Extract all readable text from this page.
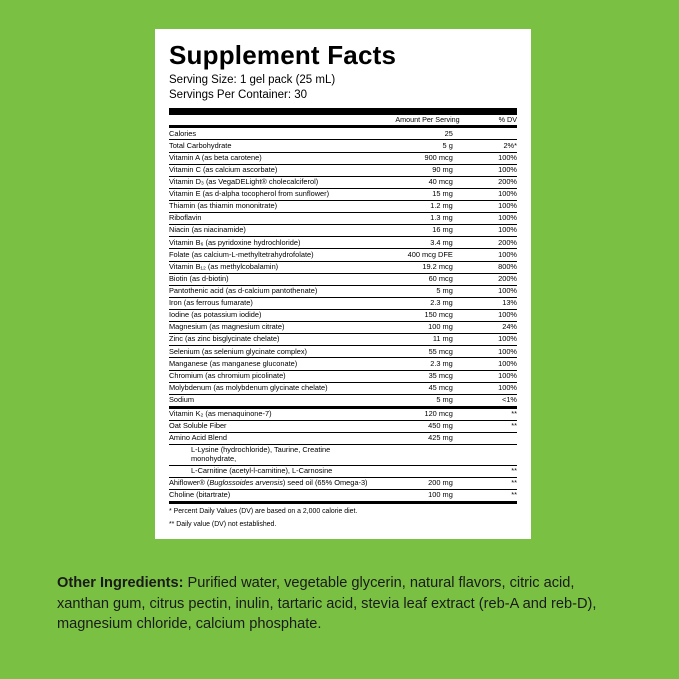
Supplement Facts
Serving Size: 1 gel pack (25 mL)
Servings Per Container: 30
	Amount Per Serving	% DV
Calories	25	
Total Carbohydrate	5 g	2%*
Vitamin A (as beta carotene)	900 mcg	100%
Vitamin C (as calcium ascorbate)	90 mg	100%
Vitamin D₃ (as VegaDELight® cholecalciferol)	40 mcg	200%
Vitamin E (as d-alpha tocopherol from sunflower)	15 mg	100%
Thiamin (as thiamin mononitrate)	1.2 mg	100%
Riboflavin	1.3 mg	100%
Niacin (as niacinamide)	16 mg	100%
Vitamin B₆ (as pyridoxine hydrochloride)	3.4 mg	200%
Folate (as calcium-L-methyltetrahydrofolate)	400 mcg DFE	100%
Vitamin B₁₂ (as methylcobalamin)	19.2 mcg	800%
Biotin (as d-biotin)	60 mcg	200%
Pantothenic acid (as d-calcium pantothenate)	5 mg	100%
Iron (as ferrous fumarate)	2.3 mg	13%
Iodine (as potassium iodide)	150 mcg	100%
Magnesium (as magnesium citrate)	100 mg	24%
Zinc (as zinc bisglycinate chelate)	11 mg	100%
Selenium (as selenium glycinate complex)	55 mcg	100%
Manganese (as manganese gluconate)	2.3 mg	100%
Chromium (as chromium picolinate)	35 mcg	100%
Molybdenum (as molybdenum glycinate chelate)	45 mcg	100%
Sodium	5 mg	<1%
Vitamin K₂ (as menaquinone-7)	120 mcg	**
Oat Soluble Fiber	450 mg	**
Amino Acid Blend	425 mg	
L-Lysine (hydrochloride), Taurine, Creatine monohydrate,		
L-Carnitine (acetyl-l-carnitine), L-Carnosine		**
Ahiflower® (Buglossoides arvensis) seed oil (65% Omega-3)	200 mg	**
Choline (bitartrate)	100 mg	**
* Percent Daily Values (DV) are based on a 2,000 calorie diet.
** Daily value (DV) not established.
Other Ingredients: Purified water, vegetable glycerin, natural flavors, citric acid, xanthan gum, citrus pectin, inulin, tartaric acid, stevia leaf extract (reb-A and reb-D), magnesium chloride, calcium phosphate.
